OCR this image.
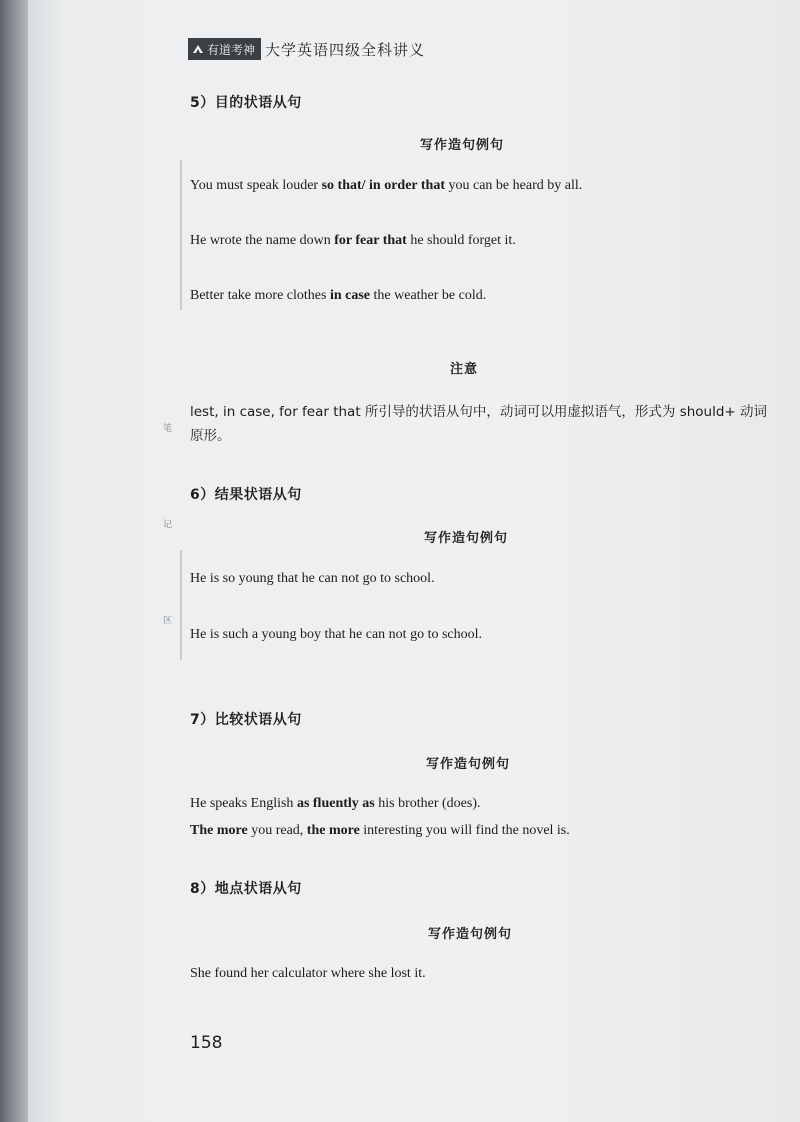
有道考神 大学英语四级全科讲义
笔
记
区
5）目的状语从句
写作造句例句
You must speak louder so that/ in order that you can be heard by all.
He wrote the name down for fear that he should forget it.
Better take more clothes in case the weather be cold.
注意
lest, in case, for fear that 所引导的状语从句中，动词可以用虚拟语气，形式为 should+ 动词原形。
6）结果状语从句
写作造句例句
He is so young that he can not go to school.
He is such a young boy that he can not go to school.
7）比较状语从句
写作造句例句
He speaks English as fluently as his brother (does).
The more you read, the more interesting you will find the novel is.
8）地点状语从句
写作造句例句
She found her calculator where she lost it.
158
